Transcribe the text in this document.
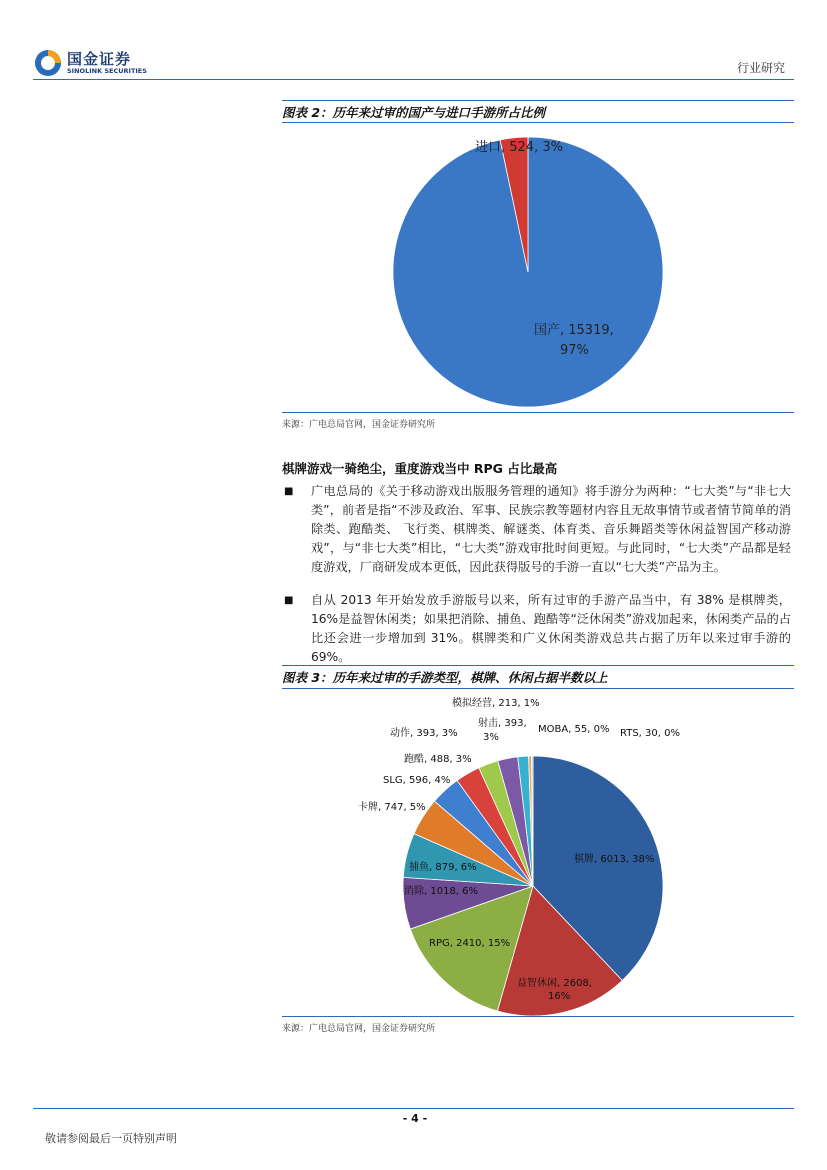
国金证券
SINOLINK SECURITIES	行业研究
图表 2：历年来过审的国产与进口手游所占比例
进口, 524, 3%
国产, 15319,
97%
来源：广电总局官网，国金证券研究所
棋牌游戏一骑绝尘，重度游戏当中 RPG 占比最高
■ 广电总局的《关于移动游戏出版服务管理的通知》将手游分为两种：“七大类”与“非七大类”，前者是指“不涉及政治、军事、民族宗教等题材内容且无故事情节或者情节简单的消除类、跑酷类、 飞行类、棋牌类、解谜类、体育类、音乐舞蹈类等休闲益智国产移动游戏”，与“非七大类”相比，“七大类”游戏审批时间更短。与此同时，“七大类”产品都是轻度游戏，厂商研发成本更低，因此获得版号的手游一直以“七大类”产品为主。
■ 自从 2013 年开始发放手游版号以来，所有过审的手游产品当中，有 38% 是棋牌类，16%是益智休闲类；如果把消除、捕鱼、跑酷等“泛休闲类”游戏加起来，休闲类产品的占比还会进一步增加到 31%。棋牌类和广义休闲类游戏总共占据了历年以来过审手游的 69%。
图表 3：历年来过审的手游类型，棋牌、休闲占据半数以上
棋牌, 6013, 38%
益智休闲, 2608,
16%
RPG, 2410, 15%
消除, 1018, 6%
捕鱼, 879, 6%
卡牌, 747, 5%
SLG, 596, 4%
跑酷, 488, 3%
动作, 393, 3%
射击, 393,
3%
模拟经营, 213, 1%
MOBA, 55, 0% RTS, 30, 0%
来源：广电总局官网，国金证券研究所
- 4 -
敬请参阅最后一页特别声明
